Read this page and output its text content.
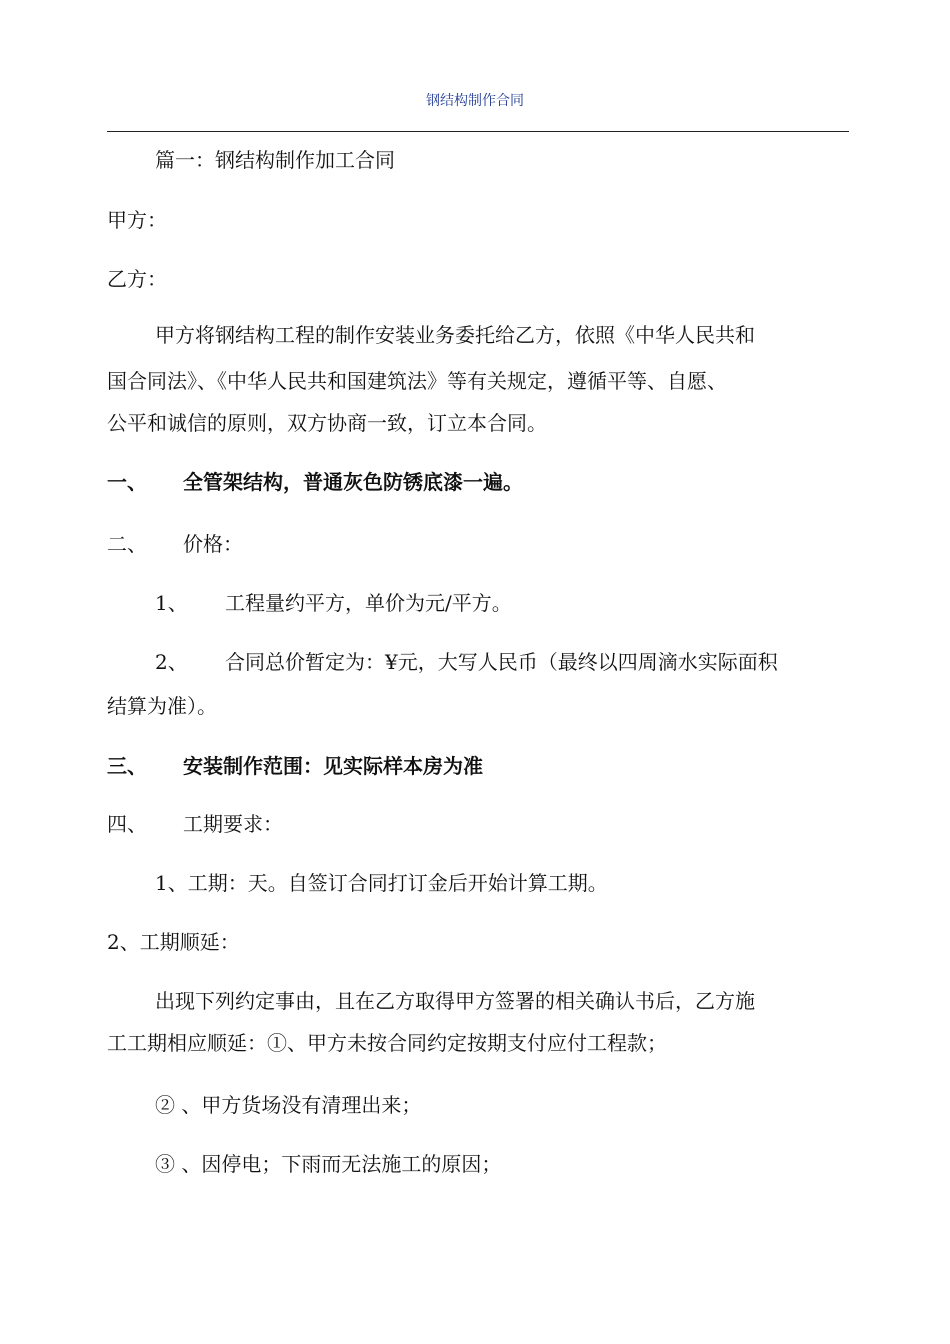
钢结构制作合同
篇一：钢结构制作加工合同
甲方：
乙方：
甲方将钢结构工程的制作安装业务委托给乙方，依照《中华人民共和
国合同法》、《中华人民共和国建筑法》等有关规定，遵循平等、自愿、
公平和诚信的原则，双方协商一致，订立本合同。
一、 全管架结构，普通灰色防锈底漆一遍。
二、 价格：
1、 工程量约平方，单价为元/平方。
2、 合同总价暂定为：¥元，大写人民币（最终以四周滴水实际面积
结算为准）。
三、 安装制作范围：见实际样本房为准
四、 工期要求：
1、工期：天。自签订合同打订金后开始计算工期。
2、工期顺延：
出现下列约定事由，且在乙方取得甲方签署的相关确认书后，乙方施
工工期相应顺延：①、甲方未按合同约定按期支付应付工程款；
② 、甲方货场没有清理出来；
③ 、因停电；下雨而无法施工的原因；
